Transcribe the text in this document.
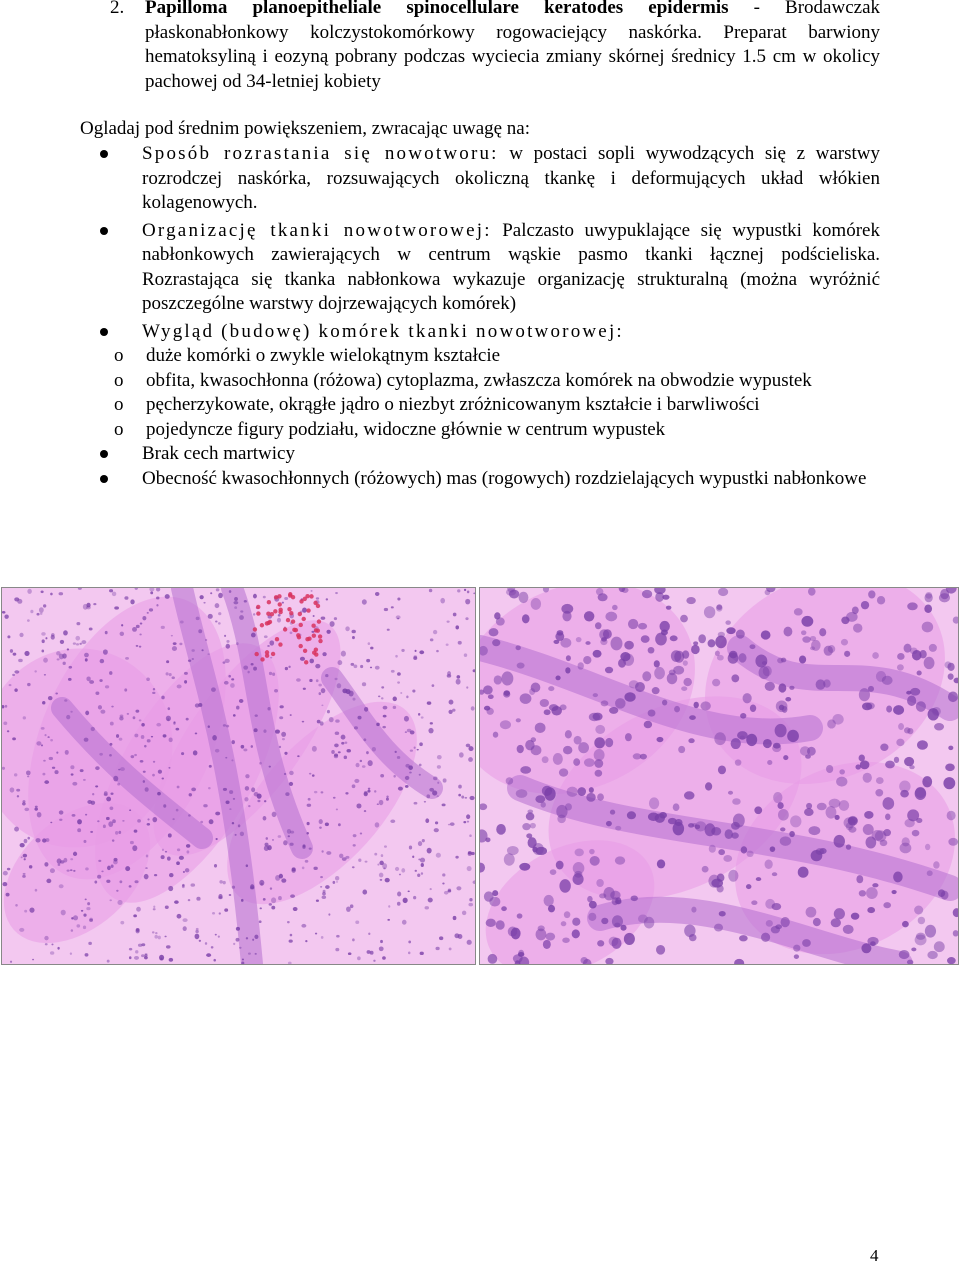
2. Papilloma planoepitheliale spinocellulare keratodes epidermis - Brodawczak płaskonabłonkowy kolczystokomórkowy rogowaciejący naskórka. Preparat barwiony hematoksyliną i eozyną pobrany podczas wyciecia zmiany skórnej średnicy 1.5 cm w okolicy pachowej od 34-letniej kobiety
Ogladaj pod średnim powiększeniem, zwracając uwagę na:
Sposób rozrastania się nowotworu: w postaci sopli wywodzących się z warstwy rozrodczej naskórka, rozsuwających okoliczną tkankę i deformujących układ włókien kolagenowych.
Organizację tkanki nowotworowej: Palczasto uwypuklające się wypustki komórek nabłonkowych zawierających w centrum wąskie pasmo tkanki łącznej podścieliska. Rozrastająca się tkanka nabłonkowa wykazuje organizację strukturalną (można wyróżnić poszczególne warstwy dojrzewających komórek)
Wygląd (budowę) komórek tkanki nowotworowej:
o duże komórki o zwykle wielokątnym kształcie
o obfita, kwasochłonna (różowa) cytoplazma, zwłaszcza komórek na obwodzie wypustek
o pęcherzykowate, okrągłe jądro o niezbyt zróżnicowanym kształcie i barwliwości
o pojedyncze figury podziału, widoczne głównie w centrum wypustek
Brak cech martwicy
Obecność kwasochłonnych (różowych) mas (rogowych) rozdzielających wypustki nabłonkowe
4
